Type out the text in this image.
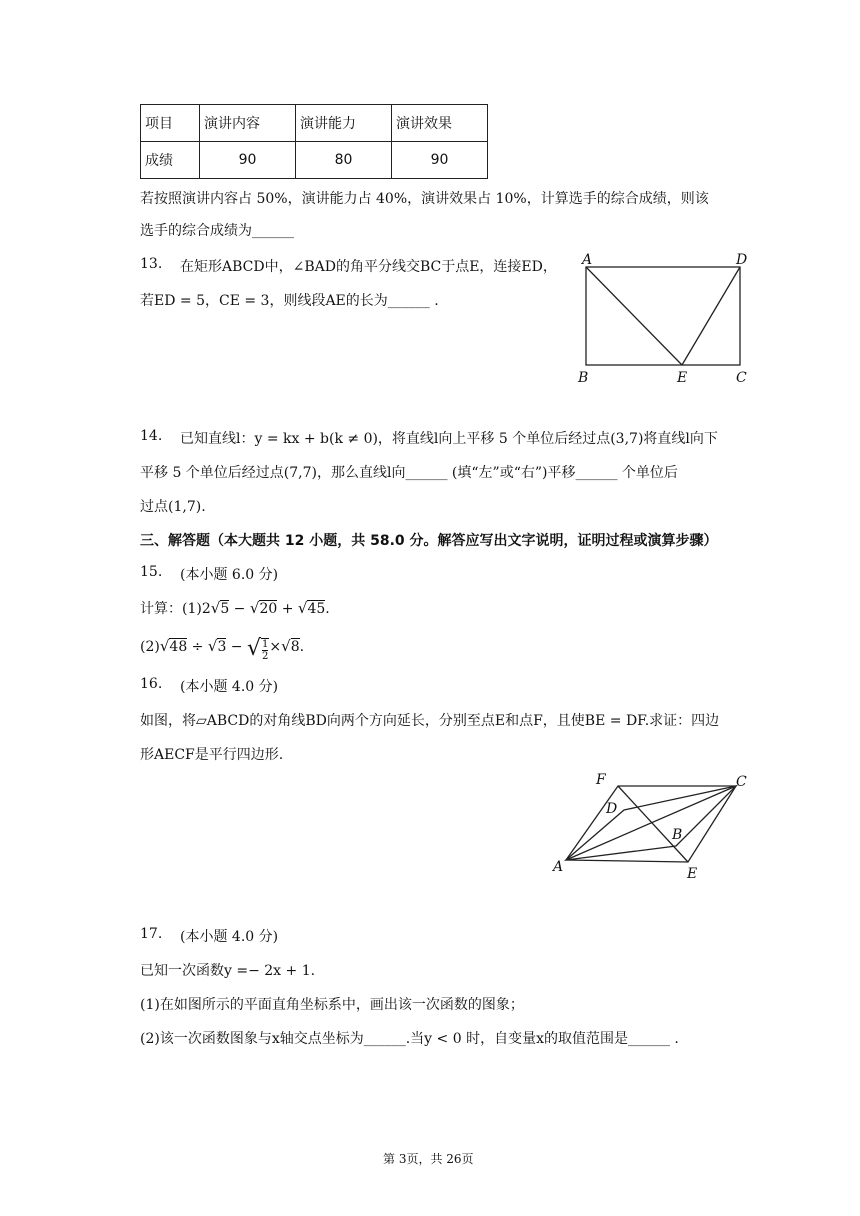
项目	演讲内容	演讲能力	演讲效果
成绩	90	80	90
若按照演讲内容占 50%，演讲能力占 40%，演讲效果占 10%，计算选手的综合成绩，则该
选手的综合成绩为______
13. 在矩形ABCD中，∠BAD的角平分线交BC于点E，连接ED，
若ED = 5，CE = 3，则线段AE的长为______ .
A	D
B	E	C
14. 已知直线l：y = kx + b(k ≠ 0)，将直线l向上平移 5 个单位后经过点(3,7)将直线l向下
平移 5 个单位后经过点(7,7)，那么直线l向______ (填“左”或“右”)平移______ 个单位后
过点(1,7).
三、解答题（本大题共 12 小题，共 58.0 分。解答应写出文字说明，证明过程或演算步骤）
15. (本小题 6.0 分)
计算：(1)2√5 − √20 + √45.
(2)√48 ÷ √3 − √ $\frac{1}{2} \times√8$.
16. (本小题 4.0 分)
如图，将▱ABCD的对角线BD向两个方向延长，分别至点E和点F，且使BE = DF.求证：四边
形AECF是平行四边形.
F	C
D
B
A	E
17. (本小题 4.0 分)
已知一次函数y =− 2x + 1.
(1)在如图所示的平面直角坐标系中，画出该一次函数的图象；
(2)该一次函数图象与x轴交点坐标为______.当y < 0 时，自变量x的取值范围是______ .
第 3页，共 26页
